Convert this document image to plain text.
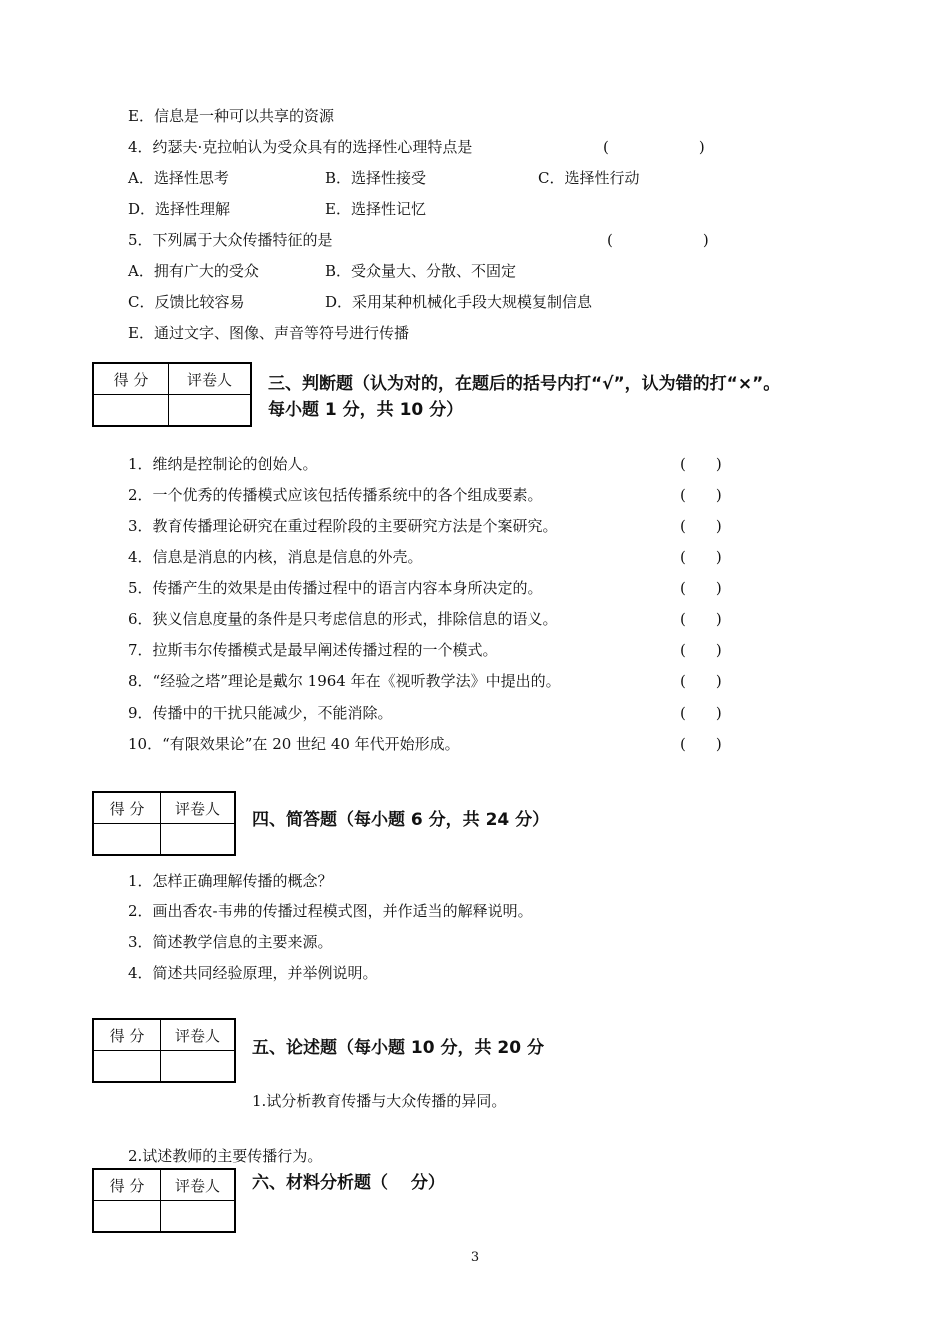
E．信息是一种可以共享的资源
4．约瑟夫·克拉帕认为受众具有的选择性心理特点是	(　　　　　　)
A．选择性思考	B．选择性接受	C．选择性行动
D．选择性理解	E．选择性记忆
5．下列属于大众传播特征的是	(　　　　　　)
A．拥有广大的受众	B．受众量大、分散、不固定
C．反馈比较容易	D．采用某种机械化手段大规模复制信息
E．通过文字、图像、声音等符号进行传播
得 分	评卷人
	三、判断题（认为对的，在题后的括号内打“√”，认为错的打“×”。
每小题 1 分，共 10 分）
1．维纳是控制论的创始人。	(　　)
2．一个优秀的传播模式应该包括传播系统中的各个组成要素。	(　　)
3．教育传播理论研究在重过程阶段的主要研究方法是个案研究。	(　　)
4．信息是消息的内核，消息是信息的外壳。	(　　)
5．传播产生的效果是由传播过程中的语言内容本身所决定的。	(　　)
6．狭义信息度量的条件是只考虑信息的形式，排除信息的语义。	(　　)
7．拉斯韦尔传播模式是最早阐述传播过程的一个模式。	(　　)
8．“经验之塔”理论是戴尔 1964 年在《视听教学法》中提出的。	(　　)
9．传播中的干扰只能减少，不能消除。	(　　)
10．“有限效果论”在 20 世纪 40 年代开始形成。	(　　)
得 分	评卷人

四、简答题（每小题 6 分，共 24 分）
1．怎样正确理解传播的概念？
2．画出香农-韦弗的传播过程模式图，并作适当的解释说明。
3．简述教学信息的主要来源。
4．简述共同经验原理，并举例说明。
得 分	评卷人

五、论述题（每小题 10 分，共 20 分
1.试分析教育传播与大众传播的异同。
2.试述教师的主要传播行为。
得 分	评卷人
	六、材料分析题（　 分）
3
